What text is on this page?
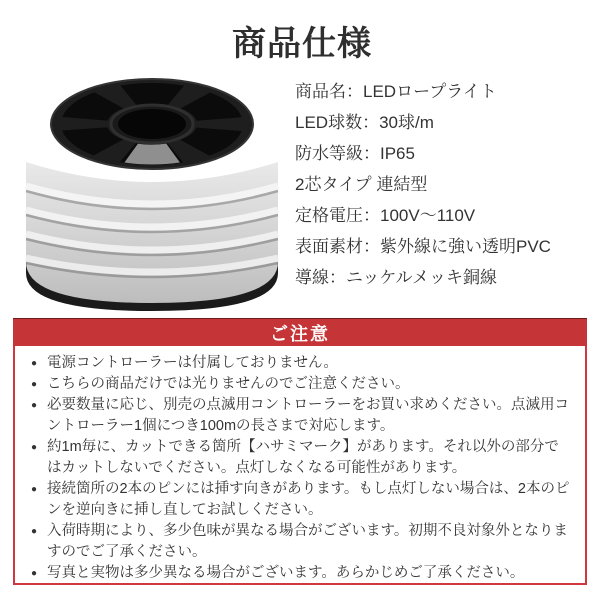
商品仕様
商品名：LEDロープライト
LED球数：30球/m
防水等級：IP65
2芯タイプ 連結型
定格電圧：100V～110V
表面素材：紫外線に強い透明PVC
導線：ニッケルメッキ銅線
ご注意
● 電源コントローラーは付属しておりません。
● こちらの商品だけでは光りませんのでご注意ください。
● 必要数量に応じ、別売の点滅用コントローラーをお買い求めください。点滅用コントローラー1個につき100mの長さまで対応します。
● 約1m毎に、カットできる箇所【ハサミマーク】があります。それ以外の部分ではカットしないでください。点灯しなくなる可能性があります。
● 接続箇所の2本のピンには挿す向きがあります。もし点灯しない場合は、2本のピンを逆向きに挿し直してお試しください。
● 入荷時期により、多少色味が異なる場合がございます。初期不良対象外となりますのでご了承ください。
● 写真と実物は多少異なる場合がございます。あらかじめご了承ください。
